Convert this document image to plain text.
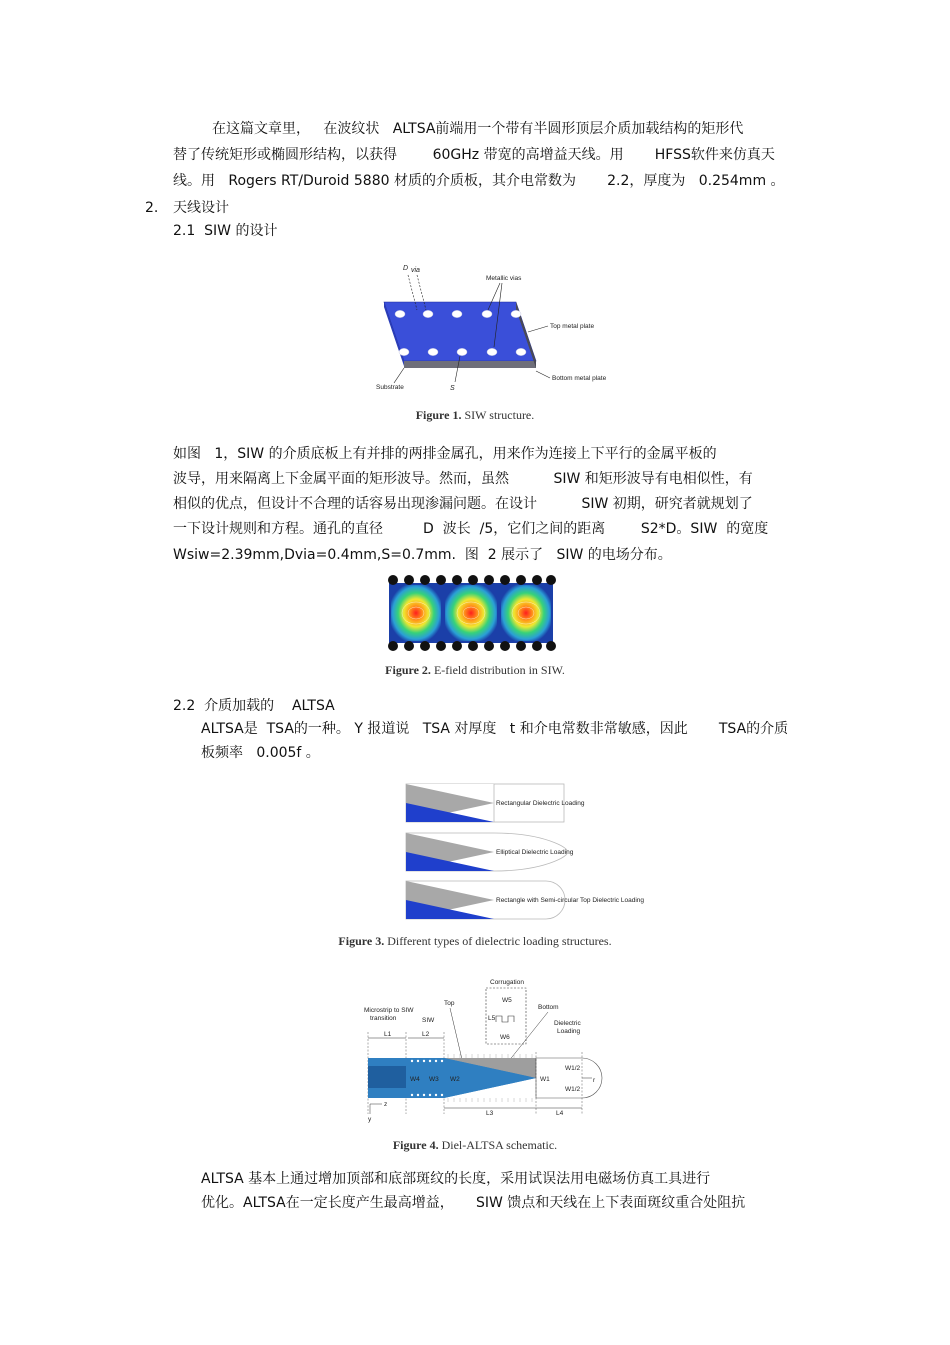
在这篇文章里，   在波纹状   ALTSA前端用一个带有半圆形顶层介质加载结构的矩形代
替了传统矩形或椭圆形结构，以获得        60GHz 带宽的高增益天线。用       HFSS软件来仿真天
线。用   Rogers RT/Duroid 5880 材质的介质板，其介电常数为       2.2，厚度为   0.254mm 。
2. 天线设计
2.1  SIW 的设计
D via
Metallic vias
Top metal plate
Bottom metal plate
Substrate	S
Figure 1. SIW structure.
如图   1，SIW 的介质底板上有并排的两排金属孔，用来作为连接上下平行的金属平板的
波导，用来隔离上下金属平面的矩形波导。然而，虽然          SIW 和矩形波导有电相似性，有
相似的优点，但设计不合理的话容易出现渗漏问题。在设计          SIW 初期，研究者就规划了
一下设计规则和方程。通孔的直径         D  波长  /5，它们之间的距离        S2*D。SIW  的宽度
Wsiw=2.39mm,Dvia=0.4mm,S=0.7mm.  图  2 展示了   SIW 的电场分布。
Figure 2. E-field distribution in SIW.
2.2  介质加载的    ALTSA
ALTSA是  TSA的一种。 Y 报道说   TSA 对厚度   t 和介电常数非常敏感，因此       TSA的介质
板频率   0.005f 。
Rectangular Dielectric Loading
Elliptical Dielectric Loading
Rectangle with Semi-circular Top Dielectric Loading
Figure 3. Different types of dielectric loading structures.
Corrugation
W5
L5
W6
Top
Bottom
Microstrip to SIW
transition	SIW	Dielectric
Loading
L1	L2
W4 W3 W2	W1
W1/2
W1/2
r
L3	L4
z
y
Figure 4. Diel-ALTSA schematic.
ALTSA 基本上通过增加顶部和底部斑纹的长度，采用试误法用电磁场仿真工具进行
优化。ALTSA在一定长度产生最高增益，     SIW 馈点和天线在上下表面斑纹重合处阻抗
